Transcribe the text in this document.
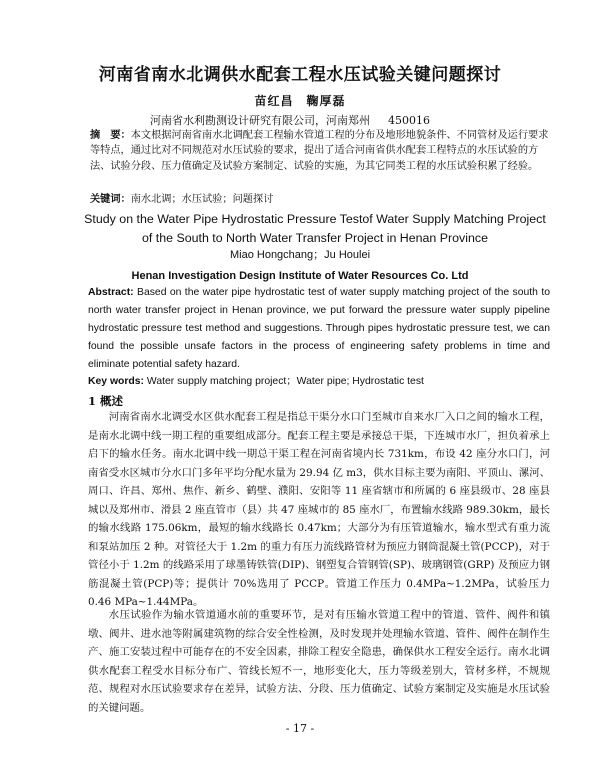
河南省南水北调供水配套工程水压试验关键问题探讨
苗红昌　鞠厚磊
河南省水利勘测设计研究有限公司，河南郑州 450016

摘　要：本文根据河南省南水北调配套工程输水管道工程的分布及地形地貌条件、不同管材及运行要求等特点，通过比对不同规范对水压试验的要求，提出了适合河南省供水配套工程特点的水压试验的方法、试验分段、压力值确定及试验方案制定、试验的实施，为其它同类工程的水压试验积累了经验。

关键词：南水北调；水压试验；问题探讨

Study on the Water Pipe Hydrostatic Pressure Testof Water Supply Matching Project
of the South to North Water Transfer Project in Henan Province
Miao Hongchang；Ju Houlei
Henan Investigation Design Institute of Water Resources Co. Ltd

Abstract: Based on the water pipe hydrostatic test of water supply matching project of the south to north water transfer project in Henan province, we put forward the pressure water supply pipeline hydrostatic pressure test method and suggestions. Through pipes hydrostatic pressure test, we can found the possible unsafe factors in the process of engineering safety problems in time and eliminate potential safety hazard.

Key words: Water supply matching project；Water pipe; Hydrostatic test

1 概述

河南省南水北调受水区供水配套工程是指总干渠分水口门至城市自来水厂入口之间的输水工程，是南水北调中线一期工程的重要组成部分。配套工程主要是承接总干渠，下连城市水厂，担负着承上启下的输水任务。南水北调中线一期总干渠工程在河南省境内长 731km，布设 42 座分水口门，河南省受水区城市分水口门多年平均分配水量为 29.94 亿 m3，供水目标主要为南阳、平顶山、漯河、周口、许昌、郑州、焦作、新乡、鹤壁、濮阳、安阳等 11 座省辖市和所属的 6 座县级市、28 座县城以及郑州市、滑县 2 座直管市（县）共 47 座城市的 85 座水厂，布置输水线路 989.30km，最长的输水线路 175.06km，最短的输水线路长 0.47km；大部分为有压管道输水，输水型式有重力流和泵站加压 2 种。对管径大于 1.2m 的重力有压力流线路管材为预应力钢筒混凝土管(PCCP)，对于管径小于 1.2m 的线路采用了球墨铸铁管(DIP)、钢塑复合管钢管(SP)、玻璃钢管(GRP) 及预应力钢筋混凝土管(PCP)等；提供计 70%选用了 PCCP。管道工作压力 0.4MPa~1.2MPa，试验压力 0.46 MPa~1.44MPa。

水压试验作为输水管道通水前的重要环节，是对有压输水管道工程中的管道、管件、阀件和镇墩、阀井、进水池等附属建筑物的综合安全性检测，及时发现并处理输水管道、管件、阀件在制作生产、施工安装过程中可能存在的不安全因素，排除工程安全隐患，确保供水工程安全运行。南水北调供水配套工程受水目标分布广、管线长短不一，地形变化大，压力等级差别大，管材多样，不规规范、规程对水压试验要求存在差异，试验方法、分段、压力值确定、试验方案制定及实施是水压试验的关键问题。

- 17 -
